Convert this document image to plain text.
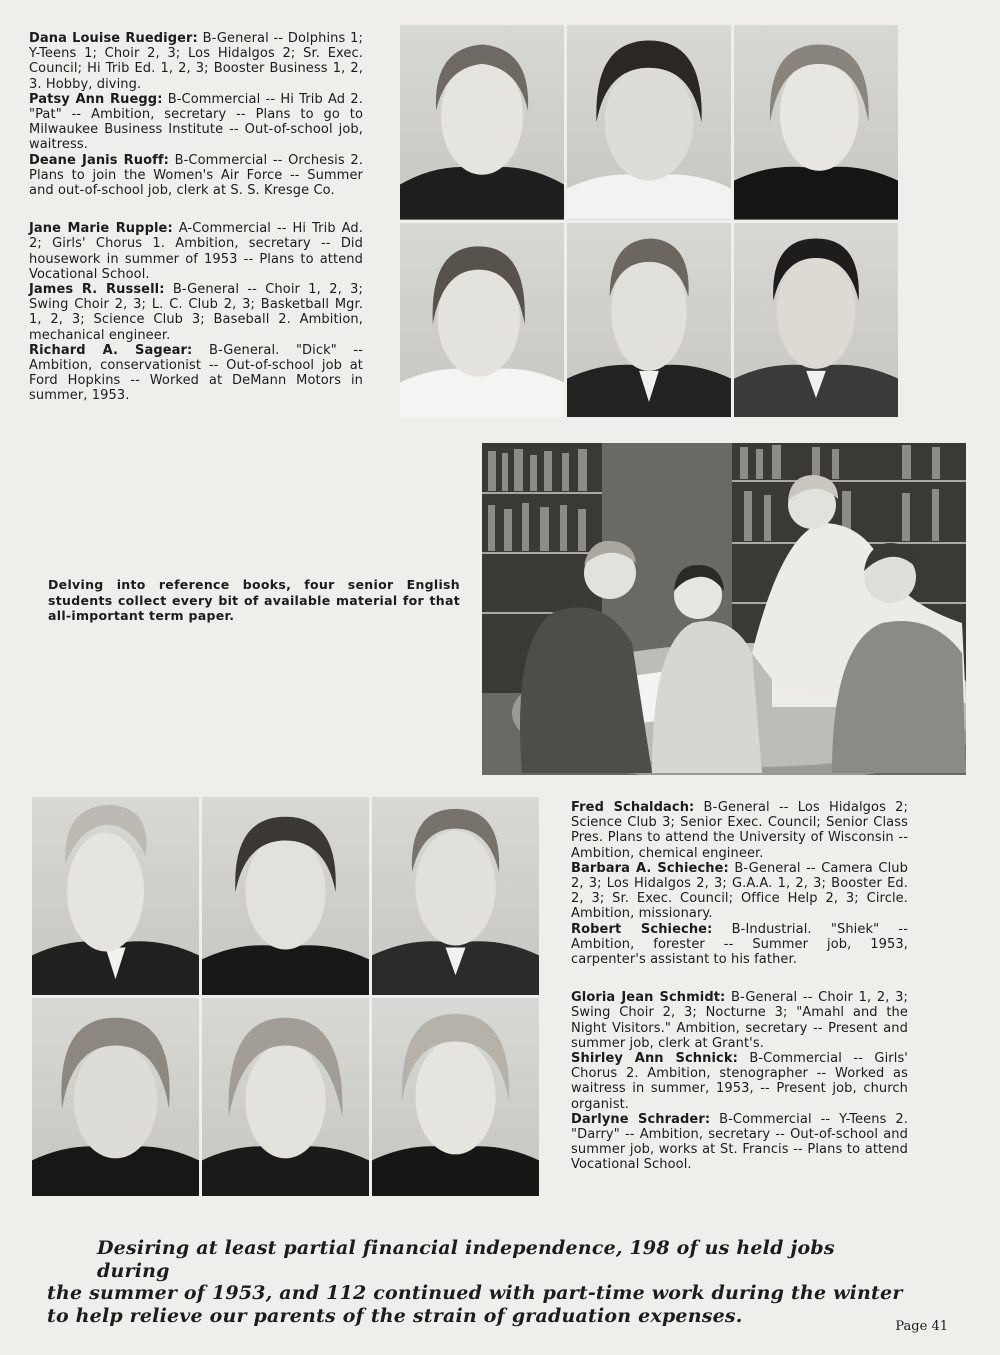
Dana Louise Ruediger: B-General -- Dolphins 1; Y-Teens 1; Choir 2, 3; Los Hidalgos 2; Sr. Exec. Council; Hi Trib Ed. 1, 2, 3; Booster Business 1, 2, 3. Hobby, diving.

Patsy Ann Ruegg: B-Commercial -- Hi Trib Ad 2. "Pat" -- Ambition, secretary -- Plans to go to Milwaukee Business Institute -- Out-of-school job, waitress.

Deane Janis Ruoff: B-Commercial -- Orchesis 2. Plans to join the Women's Air Force -- Summer and out-of-school job, clerk at S. S. Kresge Co.

Jane Marie Rupple: A-Commercial -- Hi Trib Ad. 2; Girls' Chorus 1. Ambition, secretary -- Did housework in summer of 1953 -- Plans to attend Vocational School.

James R. Russell: B-General -- Choir 1, 2, 3; Swing Choir 2, 3; L. C. Club 2, 3; Basketball Mgr. 1, 2, 3; Science Club 3; Baseball 2. Ambition, mechanical engineer.

Richard A. Sagear: B-General. "Dick" -- Ambition, conservationist -- Out-of-school job at Ford Hopkins -- Worked at DeMann Motors in summer, 1953.

Delving into reference books, four senior English students collect every bit of available material for that all-important term paper.

Fred Schaldach: B-General -- Los Hidalgos 2; Science Club 3; Senior Exec. Council; Senior Class Pres. Plans to attend the University of Wisconsin -- Ambition, chemical engineer.

Barbara A. Schieche: B-General -- Camera Club 2, 3; Los Hidalgos 2, 3; G.A.A. 1, 2, 3; Booster Ed. 2, 3; Sr. Exec. Council; Office Help 2, 3; Circle. Ambition, missionary.

Robert Schieche: B-Industrial. "Shiek" -- Ambition, forester -- Summer job, 1953, carpenter's assistant to his father.

Gloria Jean Schmidt: B-General -- Choir 1, 2, 3; Swing Choir 2, 3; Nocturne 3; "Amahl and the Night Visitors." Ambition, secretary -- Present and summer job, clerk at Grant's.

Shirley Ann Schnick: B-Commercial -- Girls' Chorus 2. Ambition, stenographer -- Worked as waitress in summer, 1953, -- Present job, church organist.

Darlyne Schrader: B-Commercial -- Y-Teens 2. "Darry" -- Ambition, secretary -- Out-of-school and summer job, works at St. Francis -- Plans to attend Vocational School.

Desiring at least partial financial independence, 198 of us held jobs during
the summer of 1953, and 112 continued with part-time work during the winter
to help relieve our parents of the strain of graduation expenses.	Page 41
